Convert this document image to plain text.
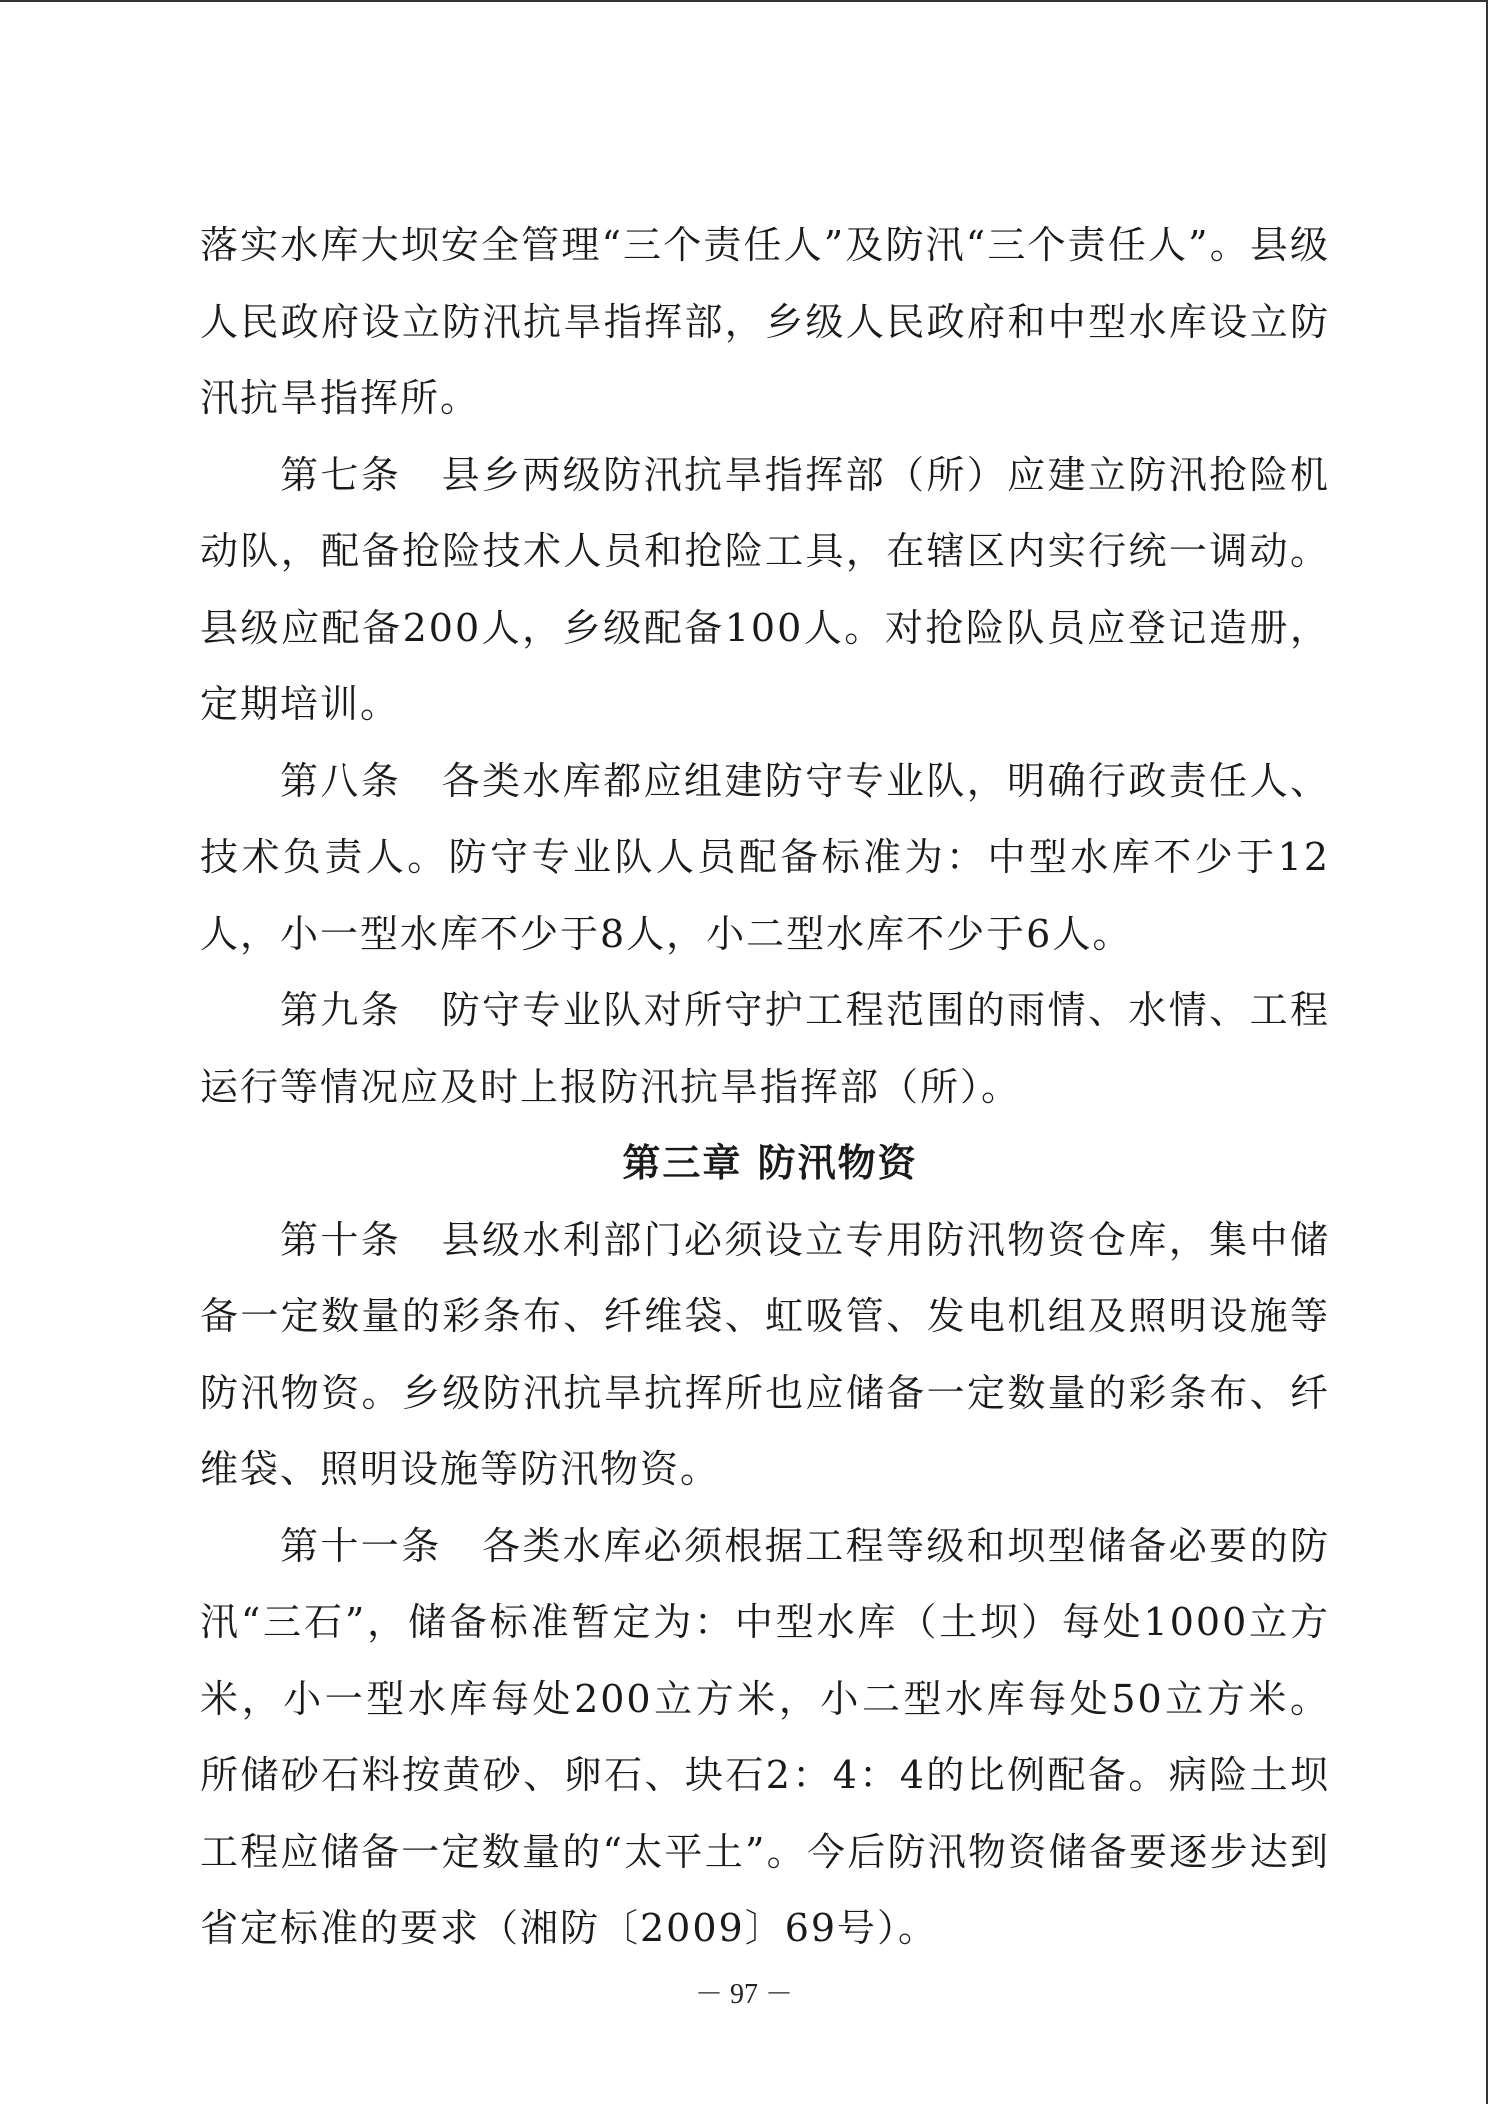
落实水库大坝安全管理“三个责任人”及防汛“三个责任人”。县级人民政府设立防汛抗旱指挥部，乡级人民政府和中型水库设立防汛抗旱指挥所。

第七条  县乡两级防汛抗旱指挥部（所）应建立防汛抢险机动队，配备抢险技术人员和抢险工具，在辖区内实行统一调动。县级应配备200人，乡级配备100人。对抢险队员应登记造册，定期培训。

第八条  各类水库都应组建防守专业队，明确行政责任人、技术负责人。防守专业队人员配备标准为：中型水库不少于12人，小一型水库不少于8人，小二型水库不少于6人。

第九条  防守专业队对所守护工程范围的雨情、水情、工程运行等情况应及时上报防汛抗旱指挥部（所）。

第三章 防汛物资

第十条  县级水利部门必须设立专用防汛物资仓库，集中储备一定数量的彩条布、纤维袋、虹吸管、发电机组及照明设施等防汛物资。乡级防汛抗旱抗挥所也应储备一定数量的彩条布、纤维袋、照明设施等防汛物资。

第十一条  各类水库必须根据工程等级和坝型储备必要的防汛“三石”，储备标准暂定为：中型水库（土坝）每处1000立方米，小一型水库每处200立方米，小二型水库每处50立方米。所储砂石料按黄砂、卵石、块石2：4：4的比例配备。病险土坝工程应储备一定数量的“太平土”。今后防汛物资储备要逐步达到省定标准的要求（湘防〔2009〕69号）。

－ 97 －
